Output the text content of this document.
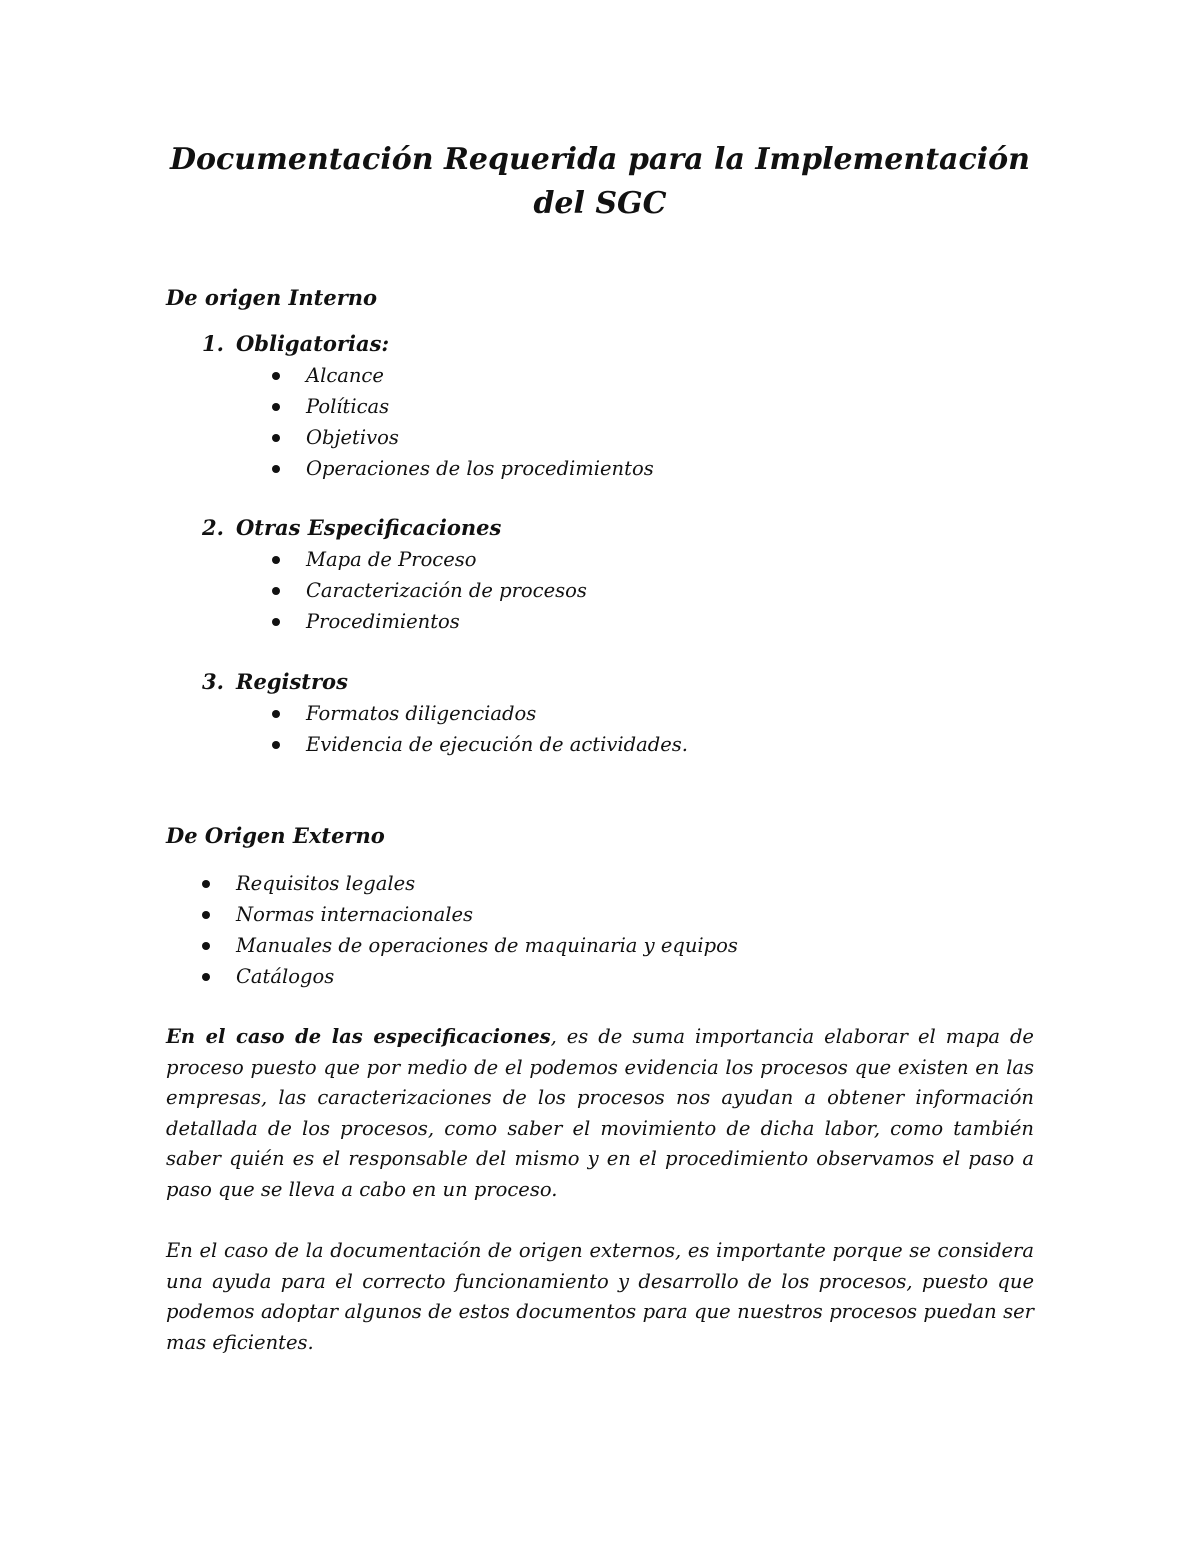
Documentación Requerida para la Implementación
del SGC

De origen Interno

1. Obligatorias:

Alcance
Políticas
Objetivos
Operaciones de los procedimientos

2. Otras Especificaciones

Mapa de Proceso
Caracterización de procesos
Procedimientos

3. Registros

Formatos diligenciados
Evidencia de ejecución de actividades.

De Origen Externo

Requisitos legales
Normas internacionales
Manuales de operaciones de maquinaria y equipos
Catálogos

En el caso de las especificaciones, es de suma importancia elaborar el mapa de proceso puesto que por medio de el podemos evidencia los procesos que existen en las empresas, las caracterizaciones de los procesos nos ayudan a obtener información detallada de los procesos, como saber el movimiento de dicha labor, como también saber quién es el responsable del mismo y en el procedimiento observamos el paso a paso que se lleva a cabo en un proceso.

En el caso de la documentación de origen externos, es importante porque se considera una ayuda para el correcto funcionamiento y desarrollo de los procesos, puesto que podemos adoptar algunos de estos documentos para que nuestros procesos puedan ser mas eficientes.
